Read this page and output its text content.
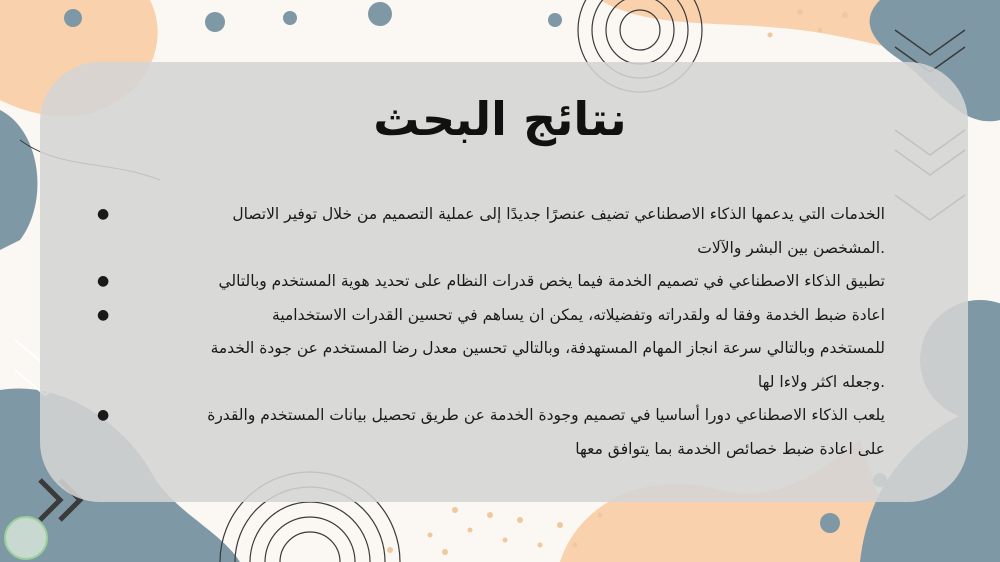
نتائج البحث
●	الخدمات التي يدعمها الذكاء الاصطناعي تضيف عنصرًا جديدًا إلى عملية التصميم من خلال توفير الاتصال
.المشخصن بين البشر والآلات
●	تطبيق الذكاء الاصطناعي في تصميم الخدمة فيما يخص قدرات النظام على تحديد هوية المستخدم وبالتالي
●	اعادة ضبط الخدمة وفقا له ولقدراته وتفضيلاته، يمكن ان يساهم في تحسين القدرات الاستخدامية
للمستخدم وبالتالي سرعة انجاز المهام المستهدفة، وبالتالي تحسين معدل رضا المستخدم عن جودة الخدمة
.وجعله اكثر ولاءا لها
●	يلعب الذكاء الاصطناعي دورا أساسيا في تصميم وجودة الخدمة عن طريق تحصيل بيانات المستخدم والقدرة
على اعادة ضبط خصائص الخدمة بما يتوافق معها
